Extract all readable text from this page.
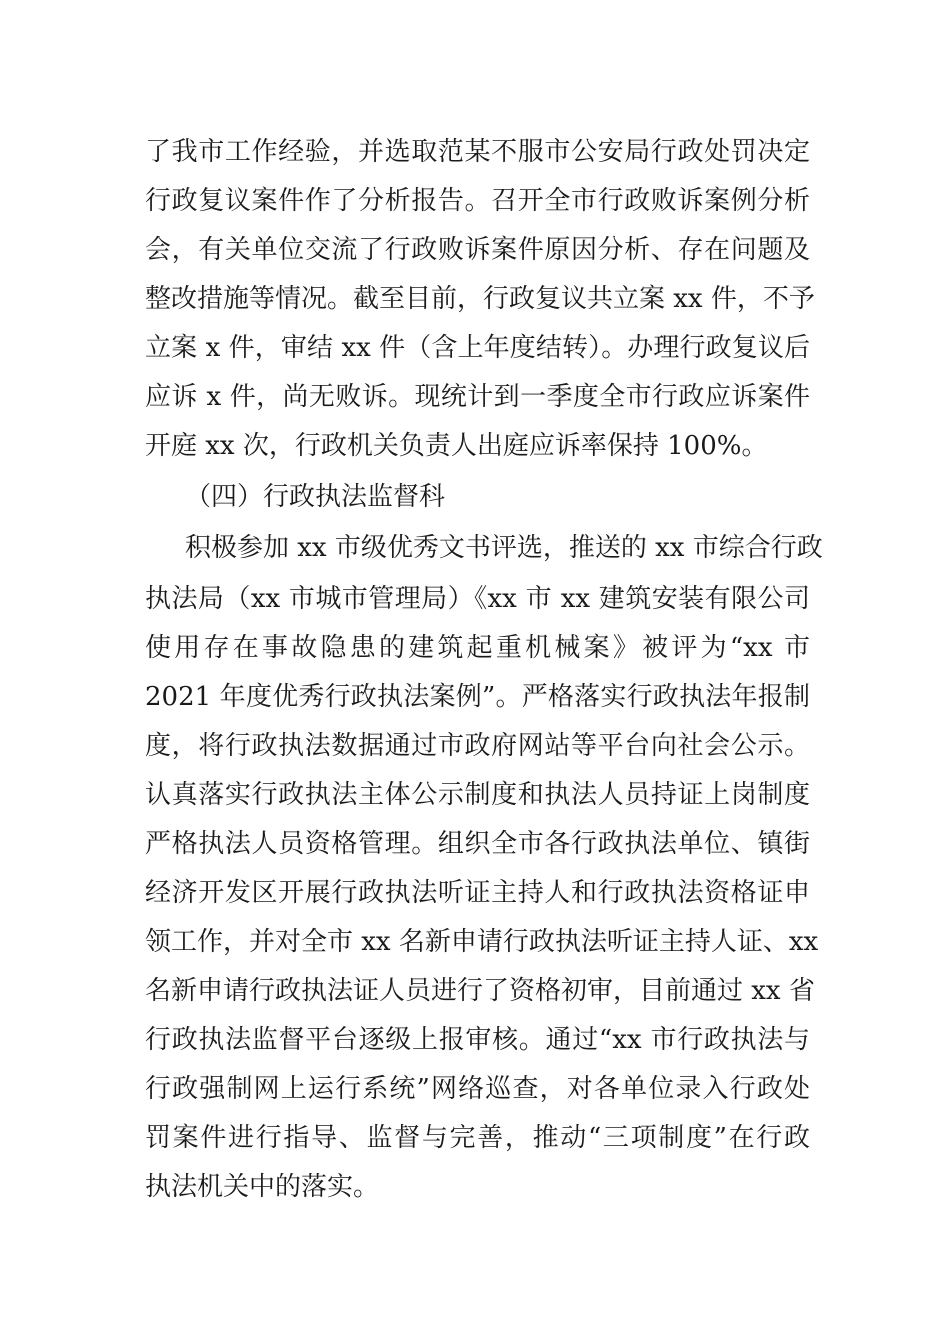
了我市工作经验，并选取范某不服市公安局行政处罚决定
行政复议案件作了分析报告。召开全市行政败诉案例分析
会，有关单位交流了行政败诉案件原因分析、存在问题及
整改措施等情况。截至目前，行政复议共立案 xx 件，不予
立案 x 件，审结 xx 件（含上年度结转）。办理行政复议后
应诉 x 件，尚无败诉。现统计到一季度全市行政应诉案件
开庭 xx 次，行政机关负责人出庭应诉率保持 100%。
（四）行政执法监督科
积极参加 xx 市级优秀文书评选，推送的 xx 市综合行政
执法局（xx 市城市管理局）《xx 市 xx 建筑安装有限公司
使用存在事故隐患的建筑起重机械案》被评为“xx 市
2021 年度优秀行政执法案例”。严格落实行政执法年报制
度，将行政执法数据通过市政府网站等平台向社会公示。
认真落实行政执法主体公示制度和执法人员持证上岗制度
严格执法人员资格管理。组织全市各行政执法单位、镇街
经济开发区开展行政执法听证主持人和行政执法资格证申
领工作，并对全市 xx 名新申请行政执法听证主持人证、xx
名新申请行政执法证人员进行了资格初审，目前通过 xx 省
行政执法监督平台逐级上报审核。通过“xx 市行政执法与
行政强制网上运行系统”网络巡查，对各单位录入行政处
罚案件进行指导、监督与完善，推动“三项制度”在行政
执法机关中的落实。
